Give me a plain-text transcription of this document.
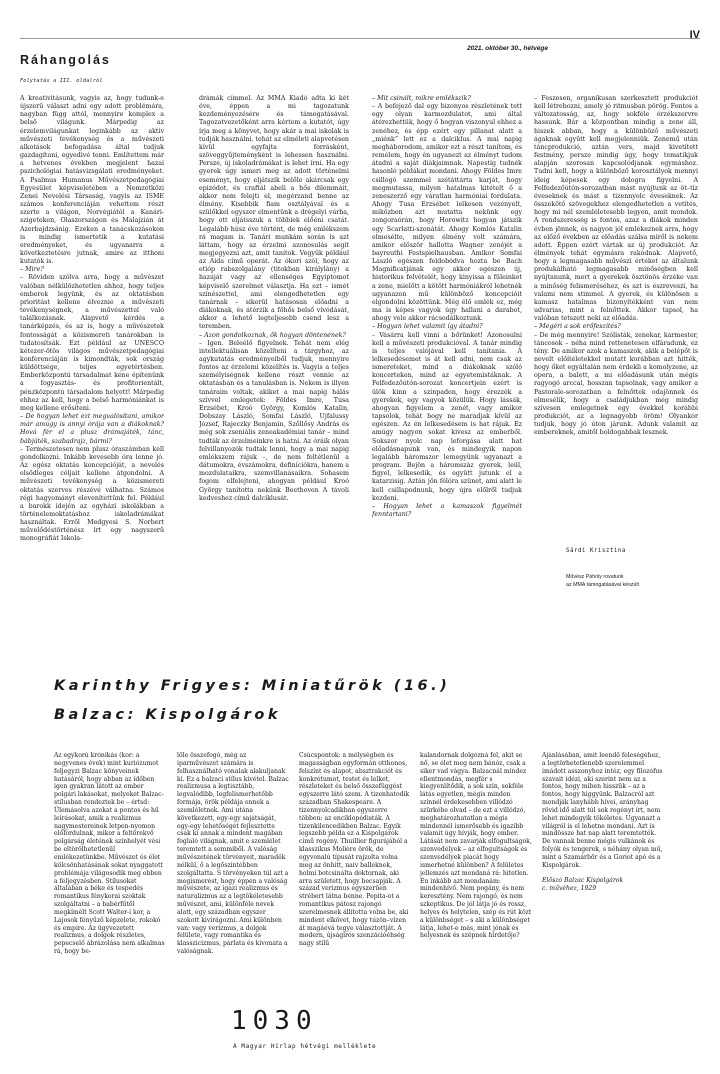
IV
2021. október 30., hétvége
Ráhangolás
Folytatás a III. oldalról

A kreativitásunk, vagyis az, hogy tudunk-e újszerű választ adni egy adott problémára, nagyban függ attól, mennyire komplex a belső világunk. Márpedig az érzelemvilágunkat leginkább az aktív művészeti tevékenység és a művészeti alkotások befogadása által tudjuk gazdagítani, egyedivé tenni. Említettem már a hetvenes években megjelent hazai pszichológiai hatásvizsgálati eredményeket. A Psalmus Humanus Művészetpedagógiai Egyesület képviseletében a Nemzetközi Zenei Nevelési Társaság, vagyis az ISME számos konferenciáján vehettem részt szerte a világon, Norvégiától a Kanári-szigeteken, Olaszországon és Malajzián át Azerbajdzsánig. Ezeken a tanácskozásokon is mindig ismertetik a kutatási eredményeket, és ugyanarra a következtetésre jutnak, amire az itthoni kutatók is.

– Mire?

– Röviden szólva arra, hogy a művészet valóban nélkülözhetetlen ahhoz, hogy teljes emberek legyünk, és az oktatásban prioritást kellene élveznie a művészeti tevékenységnek, a művészettel való találkozásnak. Alapvető kérdés a tanárképzés, és az is, hogy a művészetek fontosságát a közismereti tanárokban is tudatosítsák. Ezt például az UNESCO kétezer-ötös világos művészetpedagógiai konferenciáján is kimondták, sok ország küldöttsége, teljes egyetértésben. Emberközpontú társadalmat kéne építenünk a fogyasztás- és profitorientált, pénzközpontú társadalom helyett! Márpedig ehhez az kell, hogy a belső harmóniánkat is meg kellene erősíteni.

– De hogyan lehet ezt megvalósítani, amikor már amúgy is annyi órája van a diákoknak? Hová fér el a plusz drámajáték, tánc, bábjáték, szabadrajz, bármi?

– Természetesen nem plusz óraszámban kell gondolkozni. Inkább kevesebb óra lenne jó. Az egész oktatás koncepcióját, a nevelés elsődleges céljait kellene átgondolni. A művészeti tevékenység a közismereti oktatás szerves részévé válhatna. Számos régi hagyományt elevenítettünk fel. Például a barokk idején az egyházi iskolákban a történelemoktatáshoz iskoladrámákat használtak. Erről Medgyesi S. Norbert művelődéstörténész írt egy nagyszerű monográfiát Iskola-

drámák címmel. Az MMA Kiadó adta ki két éve, éppen a mi tagozatunk kezdeményezésére és támogatásával. Tagozatvezetőként arra kértem a kutatót, úgy írja meg a könyvet, hogy akár a mai iskolák is tudják használni, tehát az elméleti alapvetésen kívül egyfajta forrásként, szöveggyűjteményként is lehessen használni. Persze, új iskoladrámákat is lehet írni. Ha egy gyerek úgy ismeri meg az adott történelmi eseményt, hogy eljátszik belőle akárcsak egy epizódot, és craftál abeli a hős dilemmáit, akkor nem felejti el, megérzand benne az élmény. Kisebbik fiam osztályával és a szülőkkel egyszer elmentünk a drégelyi várba, hogy ott eljátsszuk a többiek előéni csatát. Legalább húsz éve történt, de még emlékszem rá magam is. Tanári munkám során is azt láttam, hogy az érzelmi azonosulás segít megjegyezni azt, amit tanítok. Vegyük például az Aida című operát. Az ókori szól, hogy az etióp rabszolgalány (titokban királylány) a hazáját vagy az ellenséges Egyiptomot képviselő szerelmet választja. Ha ezt – ismét színészettel, ami elengedhetetlen egy tanárnak – sikerül hatásosan előadni a diákoknak, és átérzik a főhős belső vívódását, akkor a lehető legteljesebb csend lesz a teremben.

– Azon gondolkoznak, ők hogyan döntenének?

– Igen. Beleélő figyelnek. Tehát nem elég intellektuálisan közelíteni a tárgyhoz, az agykutatás eredményeiből tudjuk, mennyire fontos az érzelemi közelítés is. Vagyis a teljes személyiségnek kellene részt vennie az oktatásban és a tanulásban is. Nekem is illyen tanáraim voltak, akiket a mai napig hálás szívvel emlegetek: Földes Imre, Tusa Erzsébet, Kroó György, Komlós Katalin, Dobszay László, Somfai László, Ujfalussy József, Rajeczky Benjamin, Szőllősy András és még sok zseniális zeneakadémiai tanár – mind tudták az érzelmeinkre is hatni. Az óráik olyan felvillanyozók tudtak lenni, hogy a mai napig emlékszem rájuk –, de nem feltétlenül a dátumokra, évszámokra, definíciókra, hanem a mozdulataikra, szemvillanásaikra. Sohasem fogom elfelejteni, ahogyan például Kroó György tanította nekünk Beethoven A távoli kedveshez című dalciklusát.

– Mit csinált, mikre emlékszik?

– A befejező dal egy bizonyos részletének tett egy olyan karmozdulatot, ami által átérezhettük, hogy ő hogyan viszonyul ehhez a zenéhez, és épp ezért egy pillanat alatt a „miénk” lett ez a dalciklus. A mai napig megháborodom, amikor ezt a részt tanítom, és remélem, hogy én ugyanezt az élményt tudom átadni a saját diákjaimnak. Napestig tudnék hasonló példákat mondani. Ahogy Földes Imre csillogó szemmel szétáttárta karját, hogy megmutassa, milyen hatalmas kitételt ő a zeneszerző egy váratlan harmóniai fordulata. Ahogy Tusa Erzsébet lelkesen vezényelt, miközben azt mutatta nekünk egy zongoraórán, hogy Horowitz hogyan játszik egy Scarlatti-szonátát. Ahogy Komlós Katalin elmesélte, milyen élmény volt számára, amikor először hallotta Wagner zenéjét a bayreuthi Festspielhausban. Amikor Somfai László egészen feldobódva hozta be Bach Magnificatjának egy akkor egészen új, historikus felvételét, hogy kinyissa a füleinket a zene, mielőtt a kötött harmóniákról lehetnék ugyanazon mű különböző koncepcióit elgondolni közöttünk. Még élő emlék ez, még ma is képes vagyok úgy hallani a darabot, ahogy vele akkor rácsodálkoztunk.

– Hogyan lehet valamit így átadni?

– Vásárra kell vinni a bőrünket! Azonosulni kell a művészeti produkcióval. A tanár mindig is teljes valójával kell tanítania. A lelkesedésemet is át kell adni, nem csak az ismereteket, mind a diákoknak szóló koncerteken, mind az egyetemistáknak. A Felfedezőútón-sorozat koncertjein ezért is ülök kinn a színpadon, hogy érezzék a gyerekek, egy vagyok közülük. Hogy lássák, ahogyan figyelem a zenét, vagy amikor tapsolok, tehát hogy ne maradjak kívül az egészen. Az én lelkesedésem is hat rájuk. Ez amúgy nagyon sokat kivesz az emberből. Sokszor nyolc nap leforgása alatt hat előadásnapunk van, és mindegyik napon legalább háromszor lemegyünk ugyanazt a program. Bejön a háromszáz gyerek, leül, figyel, lelkesedik, és együtt jutunk el a katarzisig. Aztán jön félóra szünet, ami alatt le kell csillapodnunk, hogy újra előlről tudjuk kezdeni.

– Hogyan lehet a kamaszok figyelmét fenntartani?

– Feszesen, organikusan szerkesztett produkciót kell létrehozni, amely jó ritmusban pörög. Fontos a változatosság, az, hogy sokféle érzékszervre hassunk. Bár a központban mindig a zene áll, hiszek abban, hogy a különböző művészeti ágaknak együtt kell megjelenniük. Zenemű után táncprodukció, aztán vers, majd kivetített festmény, persze mindig úgy, hogy tematikjuk alapján szorosan kapcsolódjanak egymáshoz. Tudni kell, hogy a különböző korosztályok mennyi ideig képesek egy dologra figyelni. A Felfedezőútón-sorozatban mást nyújtunk az öt–tíz éveseknek és mást a tizennyolc éveseknek. Az összekötő szövegekhez elengedhetetlen a vetítés, hogy mi nél szemléletesebb legyen, amit mondok. A rendszeresség is fontos, azaz a diákok minden évben jönnek, és nagyon jól emlékeznek arra, hogy az előző években az előadás szálsa miről is nekem adott. Éppen ezért vártak az új produkciót. Az élmények tehát egymásra rakódnak. Alapvető, hogy a legmagasabb művészi értéket az általunk produkálható legmagasabb minőségben kell nyújtanunk, mert a gyerekek ösztönös érzéke van a minőség felismeréséhez, és azt is észreveszi, ha valami nem stimmel. A gyerek, és különösen a kamasz hatalmas bizonyítékként van nem udvarias, mint a felnőttek. Akkor tapsol, ha valóban tetszett neki az előadás.

– Megéri a sok erőfeszítés?

– De még mennyire! Szólisták, zenekar, karmester, táncosok – néha mind rettenetesen elfáradunk, ez tény. De amikor azok a kamaszok, akik a belépőt is nevelt előítéletekkel mutatt korábban azt hitték, hogy őket egyáltalán nem érdekli a komolyzene, az opera, a balett, a mi előadásunk után mégis ragyogó arccal, hosszan tapsolnak, vagy amikor a Pastorale-sorozatban a felnőttek odajönnek és elmesélik, hogy a családjukban még mindig szívesen emlegetnek egy évekkel korábbi produkciót, az a legnagyobb öröm! Olyankor tudjuk, hogy jó úton járunk. Adunk valamit az embereknek, amitől boldogabbak lesznek.

Sárdi Krisztina
Művész Páholy rovatunk
az MMA támogatásával készült
Karinthy Frigyes: Miniatűrök (16.)
Balzac: Kispolgárok

Az egykorú krónikás (kor: a negyvenes évek) mint kuriózumot feljegyzi Balzac könyveinek hatásáról, hogy abban az időben igen gyakran látott az ember polgári lakásokat, melyeket Balzac-stílusban rendeztek be – értsd: Ülemásolva azokat a pontos és hű leírásokat, amik a realizmus nagymestereinek letpen-nyomon előfordulnak, mikor a feltörekvő polgárság életének színhelyét vési be eltörölhetetlenül emlékezetünkbe. Művészet és élet kölcsönhatásának sokat nyaggatott problémája világosodik meg ebben a feljegyzésben. Stílusokat általában a béke és tespedés romantikus fénykorai szoktak szolgáltatni – a babérfűtől megkímélt Scott Walter-i kor, a Lajosok fényűző képzelete, rokokó és empire. Az ügyvezetett realizmus, a dolgok részletes, pepecselő ábrázolása nem alkalmas rá, hogy be-

lőle összefogó, még az iparművészet számára is felhasználható vonalak alakuljanak ki. Ez a balzaci stílus kivétel. Balzac realizmusa a legtisztább, legvalódibb, legfelismerhetőbb formája, örök példája ennek a szemléletnek. Ami utána következett, egy-egy sajátságát, egy-egy lehetőségét fejlesztette csak ki annak a mindent magában foglaló világnak, amit e szemlélet teremtett a semmiből. A valóság művészetének törvényeit, maradék nélkül, ő a legőszintébben szolgáltatta. S törvényeken túl azt a megismerést, hogy éppen a valóság művészete, az igazi realizmus és naturalizmus az a legtökéletesebb művészet, ami, különféle nevek alatt, egy században egyszer szokott kivirágozni. Ami különben van: vagy verizmus, a dolgok felülete, vagy romantika és klasszicizmus, párlata és kivonata a valóságnak.

Csúcspontok: a mélységben és magasságban egyformán otthonos, felszínt és alapot, absztrakciót és konkrétumot, testet és lelket, részleteket és belső összefüggést egyszerre látó szem. A tizenhatodik században Shakespeare. A tizennyolcadikban egyszerre többen: az enciklopédisták. A tizenkilencedikben Balzac. Egyik legszebb példa ez a Kispolgárok című regény. Thuillier figurájából a klasszikus Molière örök, de egyvonalú típusát rajzolta volna meg az önhitt, naiv balleknek, holmi botcsinálta doktornak, aki arra született, hogy becsapják. A század verizmus egyszerűen strébert látna benne. Pepita-ot a romantikus pátosz rajongó szerelmesnek állította volna be, aki mindent elkövet, hogy túzön–vízen át magáévá tegye választottját. A modern, újságírós szenzációéhség nagy stílű

kalandornak dolgozná fel, akit se nő, se élet meg nem bánóz, csak a siker vad vágya. Balzacnál mindez ellentmondás, megfér s kiegyenlítődik, a sok szín, sokféle látás egyetlen, mégis minden színnél érdekesebben villódzó szürkébe olvad – de ezt a villódzó, meghatározhatatlan s mégis mindennél ismerősebb és igazibb valamit úgy hívják, hogy ember. Látását nem zavarják elfogultságok, szenvedélyek – az elfogultságok és szenvedélyek piacát hogy ismerhetné különben? A felületes jellemzés azt mondaná rá: hitetlen. Én inkább azt mondanám: mindenhívő. Nem pogány, és nem keresztény. Nem rajongó, és nem szkeptikus. De jól látja jó és rossz, helyes és helytelen, szép és rút közt a különbséget – s aki a különbséget látja, lehet-e más, mint jónak és helyesnek és szépnek hirdetője?

Ajánlásában, amit leendő feleségéhez, a legtörhetetlenebb szerelemmel imádott asszonyhoz intéz, egy filozófus szavait idézi, aki szerint nem az a fontos, hogy miben hisszük – az a fontos, hogy higgyünk. Balzacról azt mondják lanyhább hívei, arányhag rövid idő alatt túl sok regényt írt, nem lehet mindegyik tökéletes. Ugyanazt a világról is el lehetne mondani. Azt is mindössze hat nap alatt teremtették. De vannak benne mégis vulkánok és folyók és tengerek, s néhány olyan mű, mint a Szamárbőr és a Goriot apó és a Kispolgárok.

Előszó Balzac Kispolgárok

c. művéhez, 1929

1030
A Magyar Hírlap hétvégi melléklete
